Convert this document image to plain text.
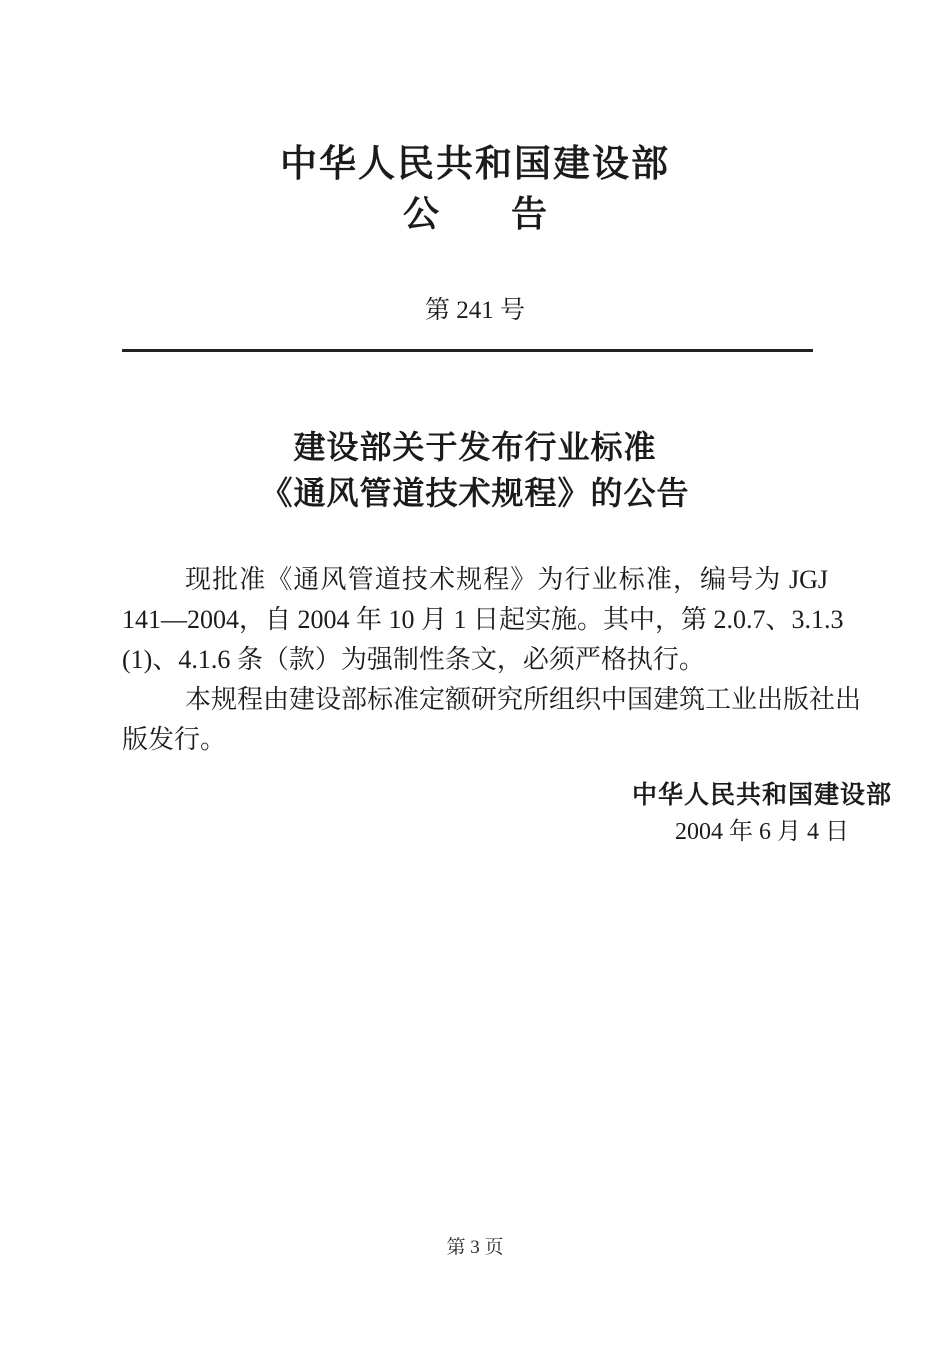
中华人民共和国建设部
公　　告
第 241 号
建设部关于发布行业标准
《通风管道技术规程》的公告
现批准《通风管道技术规程》为行业标准，编号为 JGJ
141—2004，自 2004 年 10 月 1 日起实施。其中，第 2.0.7、3.1.3
(1)、4.1.6 条（款）为强制性条文，必须严格执行。
本规程由建设部标准定额研究所组织中国建筑工业出版社出
版发行。
中华人民共和国建设部
2004 年 6 月 4 日
第 3 页
